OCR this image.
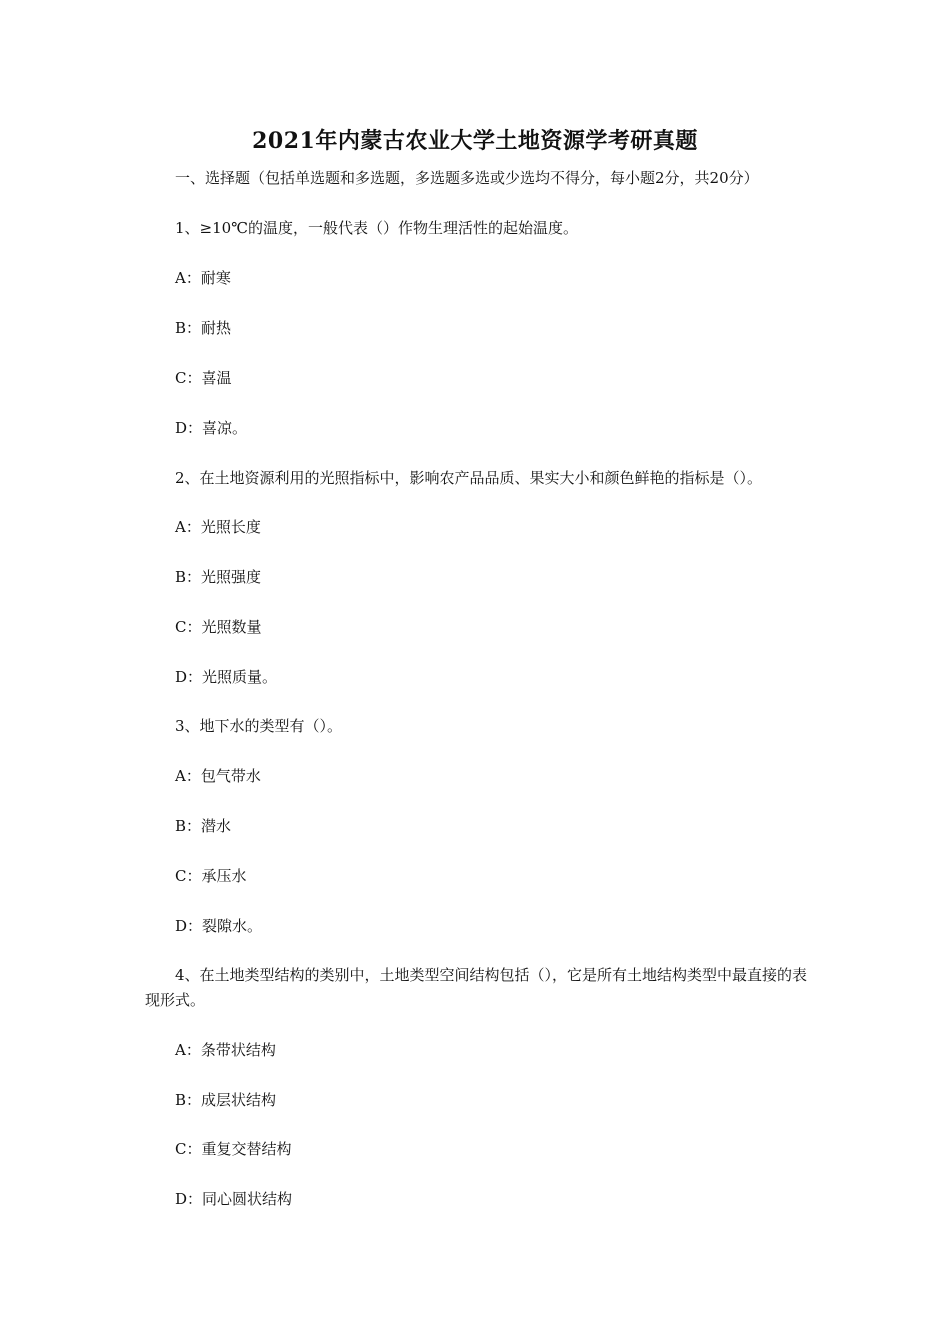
2021年内蒙古农业大学土地资源学考研真题
一、选择题（包括单选题和多选题，多选题多选或少选均不得分，每小题2分，共20分）
1、≥10℃的温度，一般代表（）作物生理活性的起始温度。
A：耐寒
B：耐热
C：喜温
D：喜凉。
2、在土地资源利用的光照指标中，影响农产品品质、果实大小和颜色鲜艳的指标是（）。
A：光照长度
B：光照强度
C：光照数量
D：光照质量。
3、地下水的类型有（）。
A：包气带水
B：潜水
C：承压水
D：裂隙水。
4、在土地类型结构的类别中，土地类型空间结构包括（），它是所有土地结构类型中最直接的表现形式。
A：条带状结构
B：成层状结构
C：重复交替结构
D：同心圆状结构
